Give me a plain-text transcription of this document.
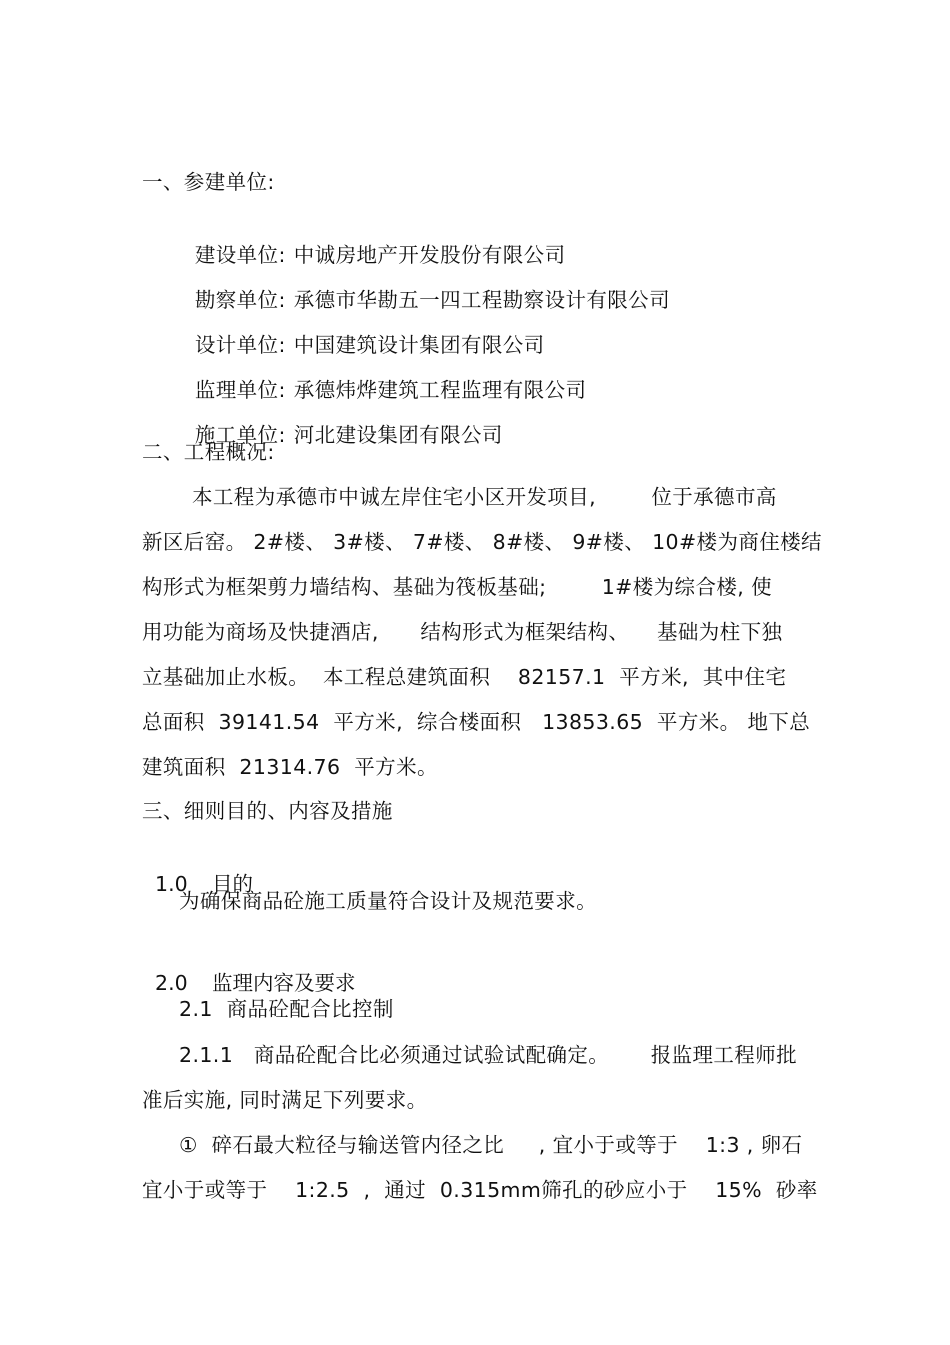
一、参建单位:

建设单位: 中诚房地产开发股份有限公司

勘察单位: 承德市华勘五一四工程勘察设计有限公司

设计单位: 中国建筑设计集团有限公司

监理单位: 承德炜烨建筑工程监理有限公司

施工单位: 河北建设集团有限公司

二、工程概况:
本工程为承德市中诚左岸住宅小区开发项目,        位于承德市高
新区后窑。 2#楼、 3#楼、 7#楼、 8#楼、 9#楼、 10#楼为商住楼结
构形式为框架剪力墙结构、基础为筏板基础;        1#楼为综合楼, 使
用功能为商场及快捷酒店,      结构形式为框架结构、    基础为柱下独
立基础加止水板。  本工程总建筑面积    82157.1  平方米,  其中住宅
总面积  39141.54  平方米,  综合楼面积   13853.65  平方米。 地下总
建筑面积  21314.76  平方米。
三、细则目的、内容及措施

1.0 目的

为确保商品砼施工质量符合设计及规范要求。

2.0 监理内容及要求

2.1  商品砼配合比控制
2.1.1   商品砼配合比必须通过试验试配确定。      报监理工程师批
准后实施, 同时满足下列要求。
①  碎石最大粒径与输送管内径之比     , 宜小于或等于    1:3 , 卵石
宜小于或等于    1:2.5  ,  通过  0.315mm筛孔的砂应小于    15%  砂率
